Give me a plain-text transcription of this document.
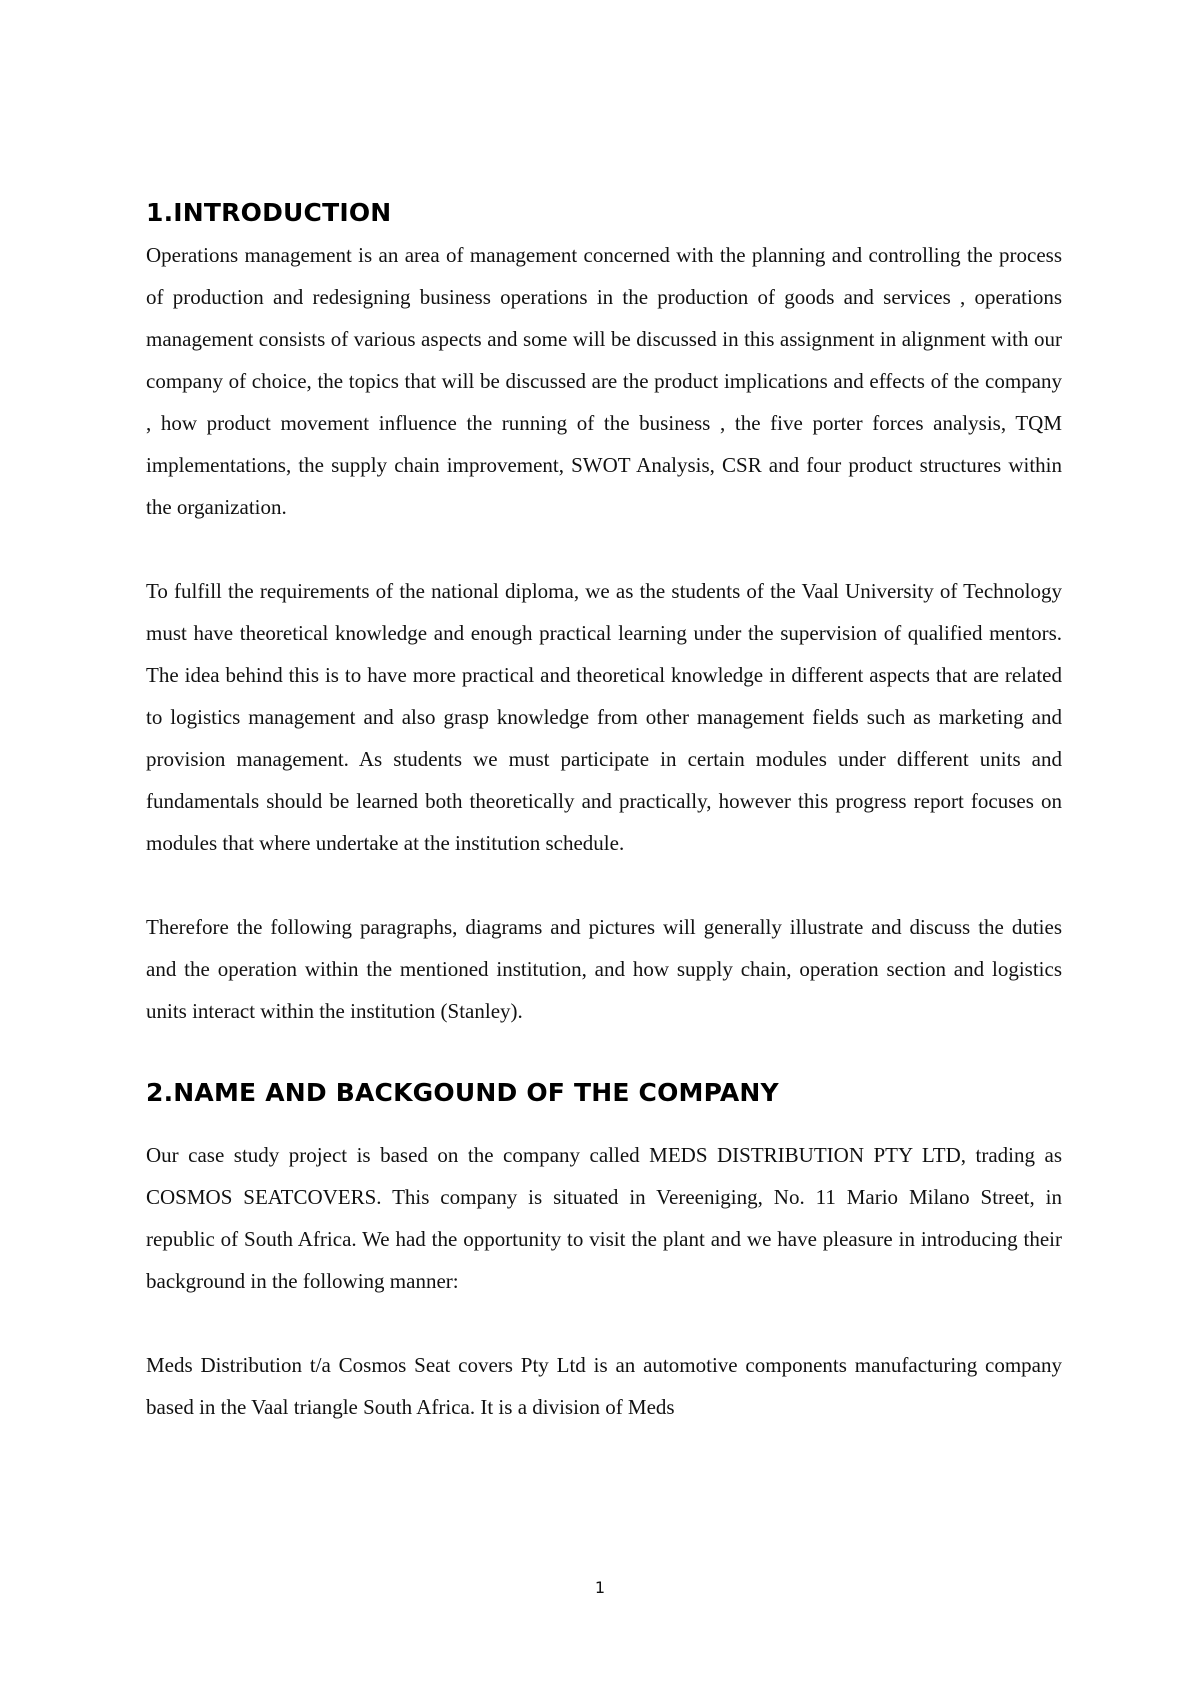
1.INTRODUCTION

Operations management is an area of management concerned with the planning and controlling the process of production and redesigning business operations in the production of goods and services , operations management consists of various aspects and some will be discussed in this assignment in alignment with our company of choice, the topics that will be discussed are the product implications and effects of the company , how product movement influence the running of the business , the five porter forces analysis, TQM implementations, the supply chain improvement, SWOT Analysis, CSR and four product structures within the organization.

To fulfill the requirements of the national diploma, we as the students of the Vaal University of Technology must have theoretical knowledge and enough practical learning under the supervision of qualified mentors. The idea behind this is to have more practical and theoretical knowledge in different aspects that are related to logistics management and also grasp knowledge from other management fields such as marketing and provision management. As students we must participate in certain modules under different units and fundamentals should be learned both theoretically and practically, however this progress report focuses on modules that where undertake at the institution schedule.

Therefore the following paragraphs, diagrams and pictures will generally illustrate and discuss the duties and the operation within the mentioned institution, and how supply chain, operation section and logistics units interact within the institution (Stanley).

2.NAME AND BACKGOUND OF THE COMPANY

Our case study project is based on the company called MEDS DISTRIBUTION PTY LTD, trading as COSMOS SEATCOVERS. This company is situated in Vereeniging, No. 11 Mario Milano Street, in republic of South Africa. We had the opportunity to visit the plant and we have pleasure in introducing their background in the following manner:

Meds Distribution t/a Cosmos Seat covers Pty Ltd is an automotive components manufacturing company based in the Vaal triangle South Africa. It is a division of Meds

1
